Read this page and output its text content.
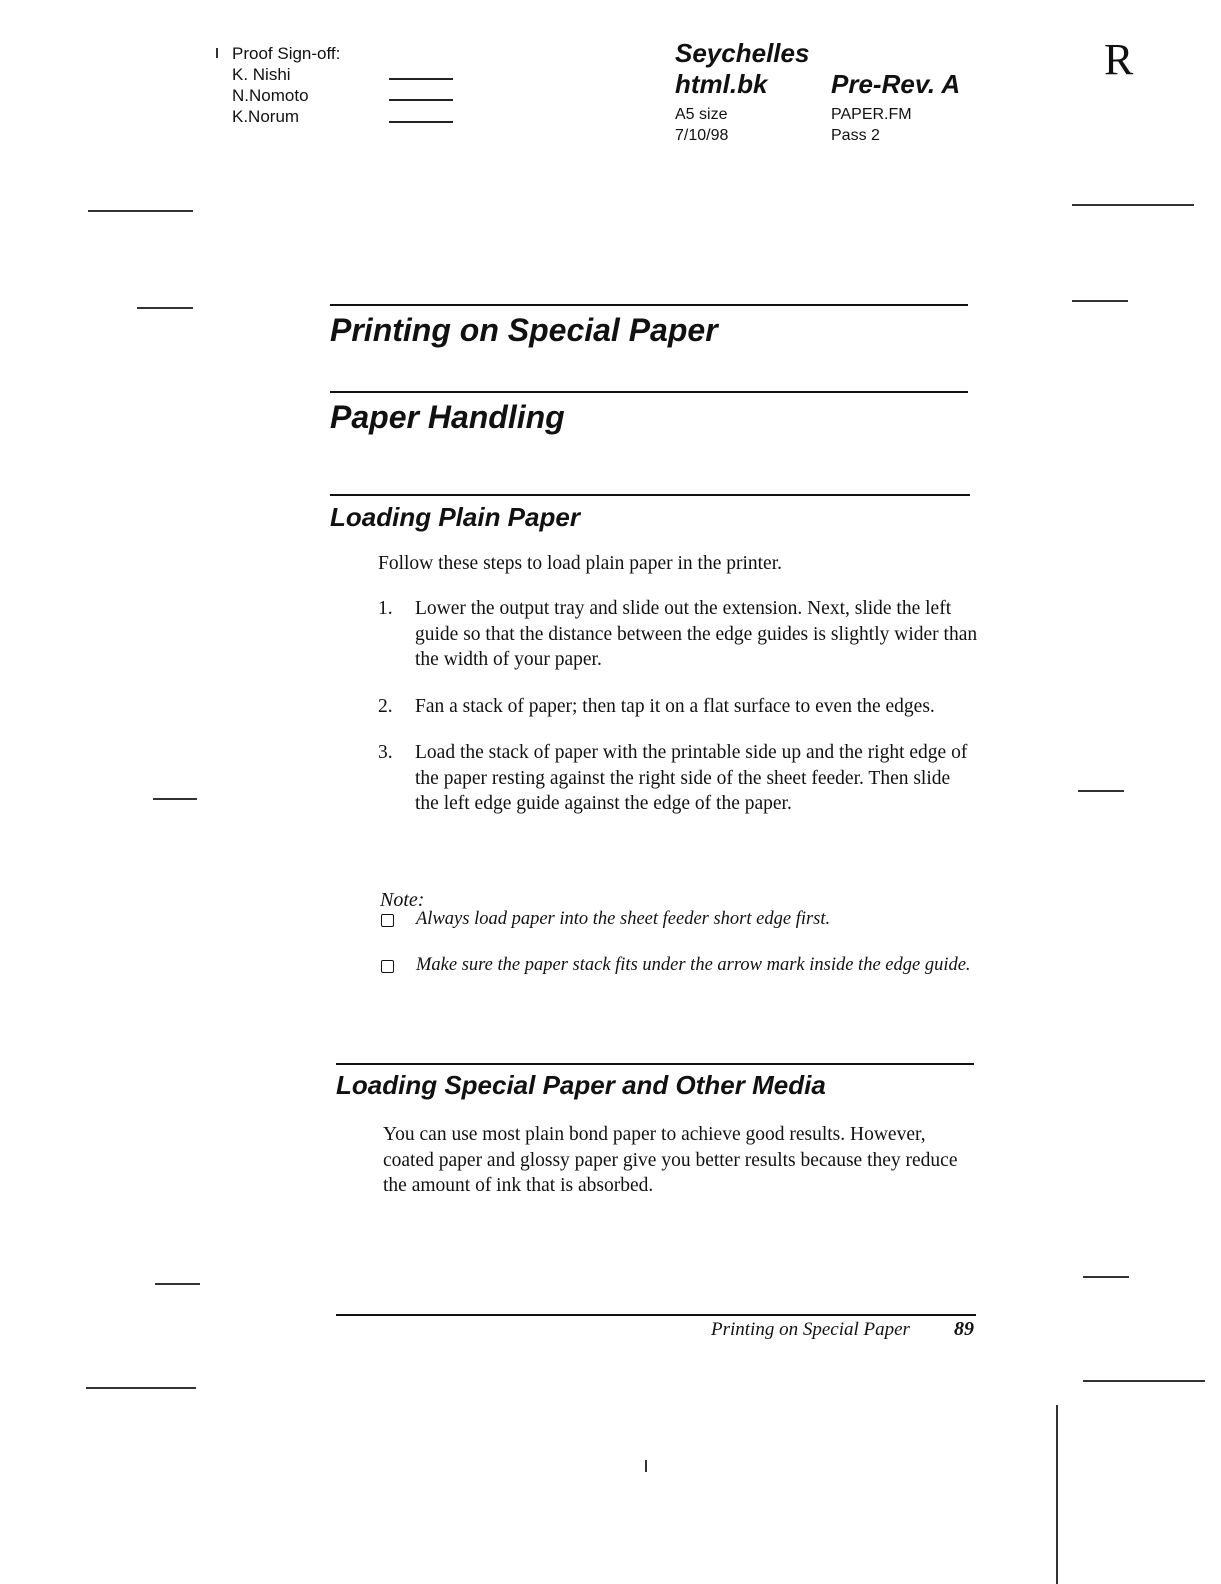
Proof Sign-off:
K. Nishi
N.Nomoto
K.Norum
Seychelles
html.bk Pre-Rev. A
A5 size
7/10/98
PAPER.FM
Pass 2
R
Printing on Special Paper
Paper Handling
Loading Plain Paper
Follow these steps to load plain paper in the printer.
1. Lower the output tray and slide out the extension. Next, slide the left guide so that the distance between the edge guides is slightly wider than the width of your paper.
2. Fan a stack of paper; then tap it on a flat surface to even the edges.
3. Load the stack of paper with the printable side up and the right edge of the paper resting against the right side of the sheet feeder. Then slide the left edge guide against the edge of the paper.
Note:
Always load paper into the sheet feeder short edge first.
Make sure the paper stack fits under the arrow mark inside the edge guide.
Loading Special Paper and Other Media
You can use most plain bond paper to achieve good results. However, coated paper and glossy paper give you better results because they reduce the amount of ink that is absorbed.
Printing on Special Paper 89
